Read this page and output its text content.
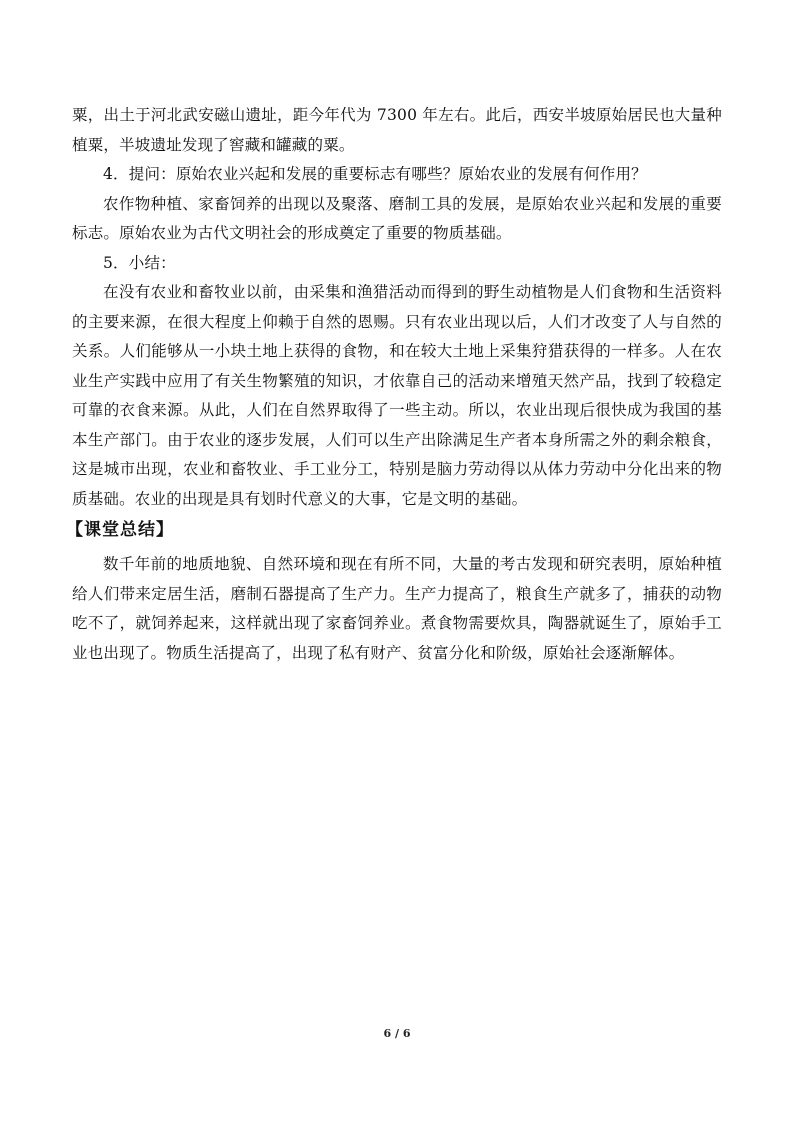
粟，出土于河北武安磁山遗址，距今年代为 7300 年左右。此后，西安半坡原始居民也大量种植粟，半坡遗址发现了窖藏和罐藏的粟。

4．提问：原始农业兴起和发展的重要标志有哪些？原始农业的发展有何作用？

农作物种植、家畜饲养的出现以及聚落、磨制工具的发展，是原始农业兴起和发展的重要标志。原始农业为古代文明社会的形成奠定了重要的物质基础。

5．小结：

在没有农业和畜牧业以前，由采集和渔猎活动而得到的野生动植物是人们食物和生活资料的主要来源，在很大程度上仰赖于自然的恩赐。只有农业出现以后，人们才改变了人与自然的关系。人们能够从一小块土地上获得的食物，和在较大土地上采集狩猎获得的一样多。人在农业生产实践中应用了有关生物繁殖的知识，才依靠自己的活动来增殖天然产品，找到了较稳定可靠的衣食来源。从此，人们在自然界取得了一些主动。所以，农业出现后很快成为我国的基本生产部门。由于农业的逐步发展，人们可以生产出除满足生产者本身所需之外的剩余粮食，这是城市出现，农业和畜牧业、手工业分工，特别是脑力劳动得以从体力劳动中分化出来的物质基础。农业的出现是具有划时代意义的大事，它是文明的基础。

【课堂总结】

数千年前的地质地貌、自然环境和现在有所不同，大量的考古发现和研究表明，原始种植给人们带来定居生活，磨制石器提高了生产力。生产力提高了，粮食生产就多了，捕获的动物吃不了，就饲养起来，这样就出现了家畜饲养业。煮食物需要炊具，陶器就诞生了，原始手工业也出现了。物质生活提高了，出现了私有财产、贫富分化和阶级，原始社会逐渐解体。

6 / 6
